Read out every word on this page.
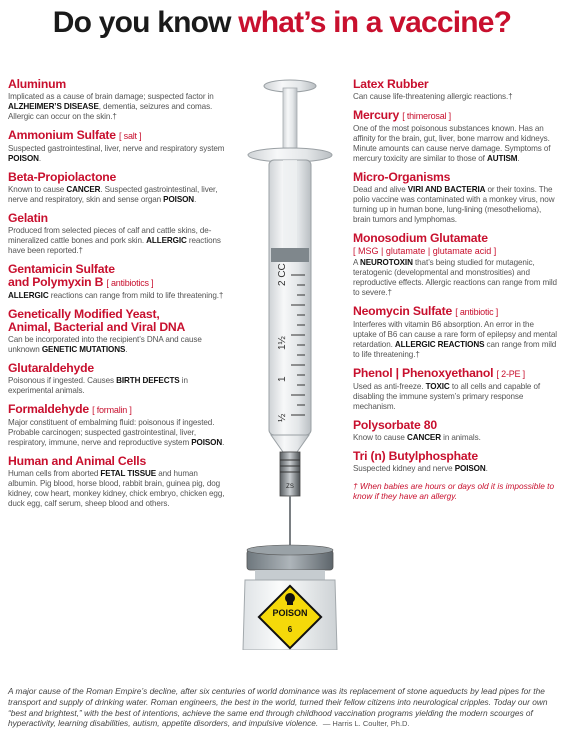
Do you know what’s in a vaccine?
Aluminum
Implicated as a cause of brain damage; suspected factor in ALZHEIMER’S DISEASE, dementia, seizures and comas. Allergic can occur on the skin.†
Ammonium Sulfate [ salt ]
Suspected gastrointestinal, liver, nerve and respiratory system POISON.
Beta-Propiolactone
Known to cause CANCER. Suspected gastrointestinal, liver, nerve and respiratory, skin and sense organ POISON.
Gelatin
Produced from selected pieces of calf and cattle skins, de-mineralized cattle bones and pork skin. ALLERGIC reactions have been reported.†
Gentamicin Sulfate
and Polymyxin B [ antibiotics ]
ALLERGIC reactions can range from mild to life threatening.†
Genetically Modified Yeast,
Animal, Bacterial and Viral DNA
Can be incorporated into the recipient’s DNA and cause unknown GENETIC MUTATIONS.
Glutaraldehyde
Poisonous if ingested. Causes BIRTH DEFECTS in experimental animals.
Formaldehyde [ formalin ]
Major constituent of embalming fluid: poisonous if ingested. Probable carcinogen; suspected gastrointestinal, liver, respiratory, immune, nerve and reproductive system POISON.
Human and Animal Cells
Human cells from aborted FETAL TISSUE and human albumin. Pig blood, horse blood, rabbit brain, guinea pig, dog kidney, cow heart, monkey kidney, chick embryo, chicken egg, duck egg, calf serum, sheep blood and others.
Latex Rubber
Can cause life-threatening allergic reactions.†
Mercury [ thimerosal ]
One of the most poisonous substances known. Has an affinity for the brain, gut, liver, bone marrow and kidneys. Minute amounts can cause nerve damage. Symptoms of mercury toxicity are similar to those of AUTISM.
Micro-Organisms
Dead and alive VIRI AND BACTERIA or their toxins. The polio vaccine was contaminated with a monkey virus, now turning up in human bone, lung-lining (mesothelioma), brain tumors and lymphomas.
Monosodium Glutamate
[ MSG | glutamate | glutamate acid ]
A NEUROTOXIN that’s being studied for mutagenic, teratogenic (developmental and monstrosities) and reproductive effects. Allergic reactions can range from mild to severe.†
Neomycin Sulfate [ antibiotic ]
Interferes with vitamin B6 absorption. An error in the uptake of B6 can cause a rare form of epilepsy and mental retardation. ALLERGIC REACTIONS can range from mild to life threatening.†
Phenol | Phenoxyethanol [ 2-PE ]
Used as anti-freeze. TOXIC to all cells and capable of disabling the immune system’s primary response mechanism.
Polysorbate 80
Know to cause CANCER in animals.
Tri (n) Butylphosphate
Suspected kidney and nerve POISON.
† When babies are hours or days old it is impossible to know if they have an allergy.
2 CC
1½
1
½
ZS
POISON
6
A major cause of the Roman Empire’s decline, after six centuries of world dominance was its replacement of stone aqueducts by lead pipes for the transport and supply of drinking water. Roman engineers, the best in the world, turned their fellow citizens into neurological cripples. Today our own “best and brightest,” with the best of intentions, achieve the same end through childhood vaccination programs yielding the modern scourges of hyperactivity, learning disabilities, autism, appetite disorders, and impulsive violence. — Harris L. Coulter, Ph.D.
